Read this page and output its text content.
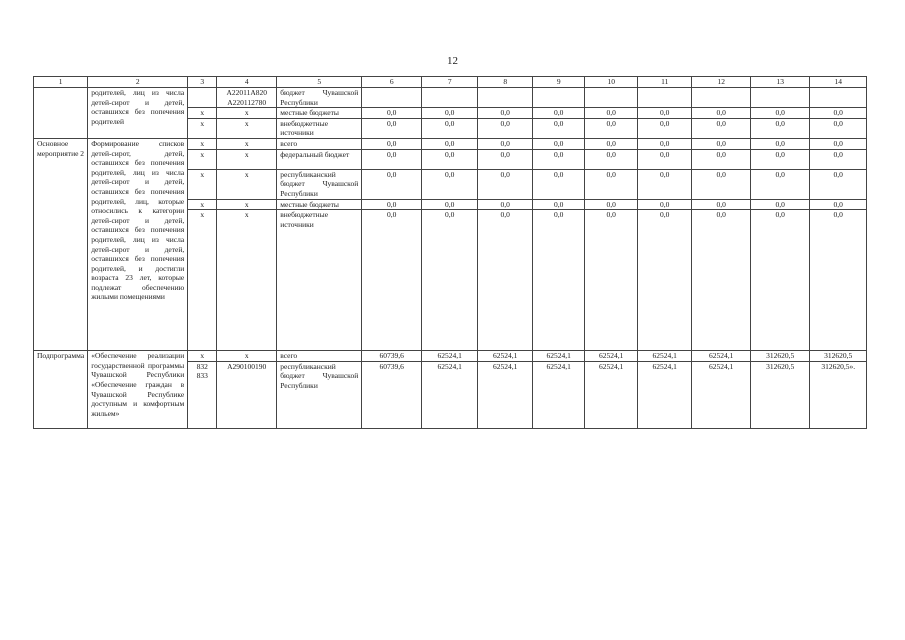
12
1	2	3	4	5	6	7	8	9	10	11	12	13	14
	родителей, лиц из числа детей-сирот и детей, оставшихся без попечения родителей		А22011А820 А220112780	бюджет Чувашской Республики									
		х	х	местные бюджеты	0,0	0,0	0,0	0,0	0,0	0,0	0,0	0,0	0,0
		х	х	внебюджетные источники	0,0	0,0	0,0	0,0	0,0	0,0	0,0	0,0	0,0
Основное мероприятие 2	Формирование списков детей-сирот, детей, оставшихся без попечения родителей, лиц из числа детей-сирот и детей, оставшихся без попечения родителей, лиц, которые относились к категории детей-сирот и детей, оставшихся без попечения родителей, лиц из числа детей-сирот и детей, оставшихся без попечения родителей, и достигли возраста 23 лет, которые подлежат обеспечению жилыми помещениями	х	х	всего	0,0	0,0	0,0	0,0	0,0	0,0	0,0	0,0	0,0
		х	х	федеральный бюджет	0,0	0,0	0,0	0,0	0,0	0,0	0,0	0,0	0,0
		х	х	республиканский бюджет Чувашской Республики	0,0	0,0	0,0	0,0	0,0	0,0	0,0	0,0	0,0
		х	х	местные бюджеты	0,0	0,0	0,0	0,0	0,0	0,0	0,0	0,0	0,0
		х	х	внебюджетные источники	0,0	0,0	0,0	0,0	0,0	0,0	0,0	0,0	0,0
Подпрограмма	«Обеспечение реализации государственной программы Чувашской Республики «Обеспечение граждан в Чувашской Республике доступным и комфортным жильем»	х	х	всего	60739,6	62524,1	62524,1	62524,1	62524,1	62524,1	62524,1	312620,5	312620,5
		832 833	А290100190	республиканский бюджет Чувашской Республики	60739,6	62524,1	62524,1	62524,1	62524,1	62524,1	62524,1	312620,5	312620,5».
